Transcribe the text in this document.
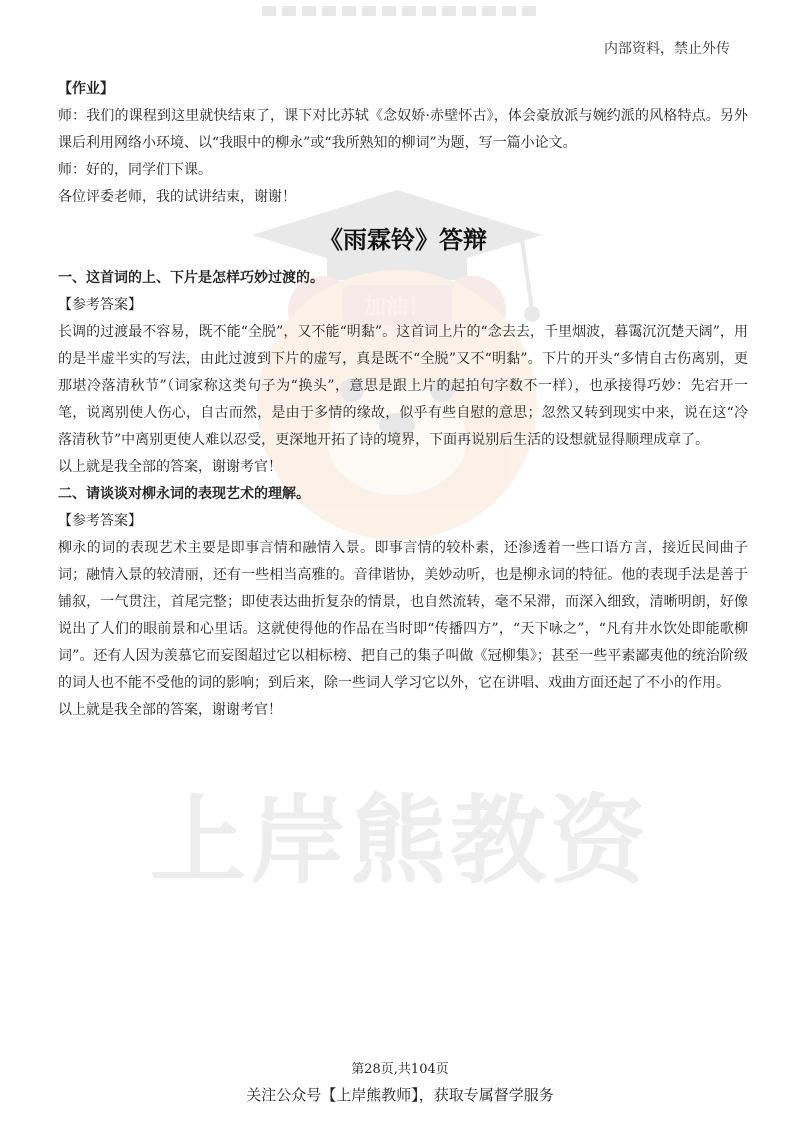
加油！
上岸熊教资
内部资料，禁止外传

【作业】

师：我们的课程到这里就快结束了，课下对比苏轼《念奴娇·赤壁怀古》，体会豪放派与婉约派的风格特点。另外课后利用网络小环境、以“我眼中的柳永”或“我所熟知的柳词”为题，写一篇小论文。

师：好的，同学们下课。

各位评委老师，我的试讲结束，谢谢！

《雨霖铃》答辩

一、这首词的上、下片是怎样巧妙过渡的。

【参考答案】

长调的过渡最不容易，既不能“全脱”，又不能“明黏”。这首词上片的“念去去，千里烟波，暮霭沉沉楚天阔”，用的是半虚半实的写法，由此过渡到下片的虚写，真是既不“全脱”又不“明黏”。下片的开头“多情自古伤离别，更那堪冷落清秋节”（词家称这类句子为“换头”，意思是跟上片的起拍句字数不一样），也承接得巧妙：先宕开一笔，说离别使人伤心，自古而然，是由于多情的缘故，似乎有些自慰的意思；忽然又转到现实中来，说在这“冷落清秋节”中离别更使人难以忍受，更深地开拓了诗的境界，下面再说别后生活的设想就显得顺理成章了。

以上就是我全部的答案，谢谢考官！

二、请谈谈对柳永词的表现艺术的理解。

【参考答案】

柳永的词的表现艺术主要是即事言情和融情入景。即事言情的较朴素，还渗透着一些口语方言，接近民间曲子词；融情入景的较清丽，还有一些相当高雅的。音律谐协，美妙动听，也是柳永词的特征。他的表现手法是善于铺叙，一气贯注，首尾完整；即使表达曲折复杂的情景，也自然流转，毫不呆滞，而深入细致，清晰明朗，好像说出了人们的眼前景和心里话。这就使得他的作品在当时即“传播四方”，“天下咏之”，“凡有井水饮处即能歌柳词”。还有人因为羡慕它而妄图超过它以相标榜、把自己的集子叫做《冠柳集》；甚至一些平素鄙夷他的统治阶级的词人也不能不受他的词的影响；到后来，除一些词人学习它以外，它在讲唱、戏曲方面还起了不小的作用。

以上就是我全部的答案，谢谢考官！

第28页,共104页
关注公众号【上岸熊教师】，获取专属督学服务
